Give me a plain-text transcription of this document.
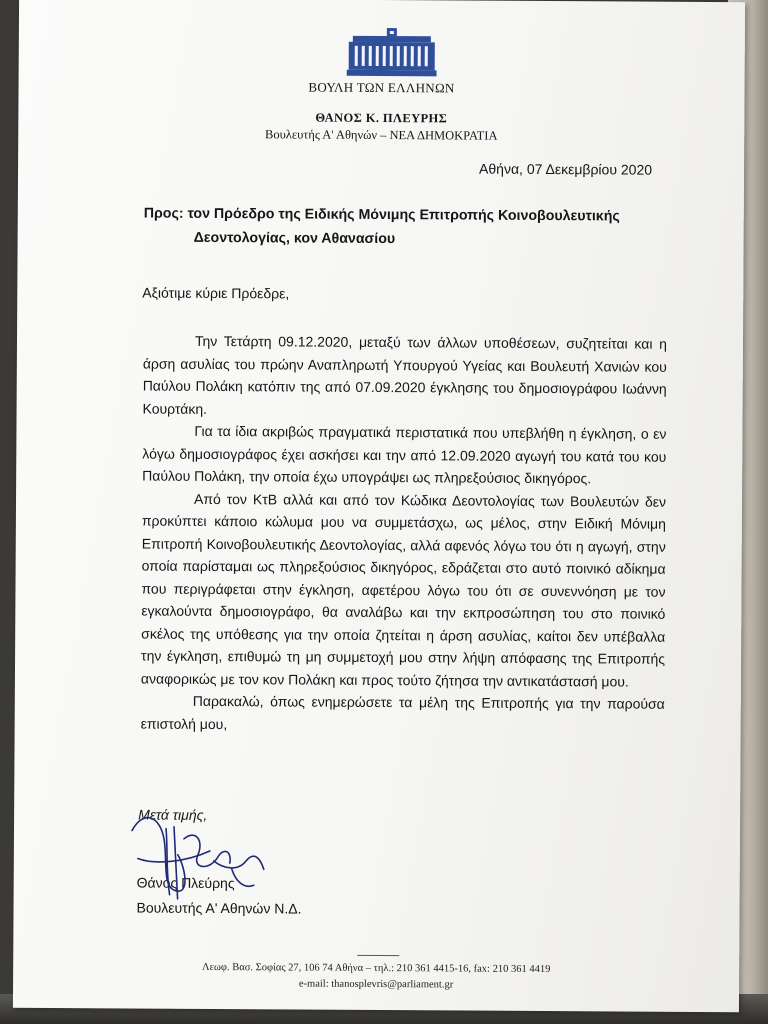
ΒΟΥΛΗ ΤΩΝ ΕΛΛΗΝΩΝ
ΘΑΝΟΣ Κ. ΠΛΕΥΡΗΣ
Βουλευτής Α' Αθηνών – ΝΕΑ ΔΗΜΟΚΡΑΤΙΑ
Αθήνα, 07 Δεκεμβρίου 2020
Προς: τον Πρόεδρο της Ειδικής Μόνιμης Επιτροπής Κοινοβουλευτικής
Δεοντολογίας, κον Αθανασίου
Αξιότιμε κύριε Πρόεδρε,

Την Τετάρτη 09.12.2020, μεταξύ των άλλων υποθέσεων, συζητείται και η άρση ασυλίας του πρώην Αναπληρωτή Υπουργού Υγείας και Βουλευτή Χανιών κου Παύλου Πολάκη κατόπιν της από 07.09.2020 έγκλησης του δημοσιογράφου Ιωάννη Κουρτάκη.

Για τα ίδια ακριβώς πραγματικά περιστατικά που υπεβλήθη η έγκληση, ο εν λόγω δημοσιογράφος έχει ασκήσει και την από 12.09.2020 αγωγή του κατά του κου Παύλου Πολάκη, την οποία έχω υπογράψει ως πληρεξούσιος δικηγόρος.

Από τον ΚτΒ αλλά και από τον Κώδικα Δεοντολογίας των Βουλευτών δεν προκύπτει κάποιο κώλυμα μου να συμμετάσχω, ως μέλος, στην Ειδική Μόνιμη Επιτροπή Κοινοβουλευτικής Δεοντολογίας, αλλά αφενός λόγω του ότι η αγωγή, στην οποία παρίσταμαι ως πληρεξούσιος δικηγόρος, εδράζεται στο αυτό ποινικό αδίκημα που περιγράφεται στην έγκληση, αφετέρου λόγω του ότι σε συνεννόηση με τον εγκαλούντα δημοσιογράφο, θα αναλάβω και την εκπροσώπηση του στο ποινικό σκέλος της υπόθεσης για την οποία ζητείται η άρση ασυλίας, καίτοι δεν υπέβαλλα την έγκληση, επιθυμώ τη μη συμμετοχή μου στην λήψη απόφασης της Επιτροπής αναφορικώς με τον κον Πολάκη και προς τούτο ζήτησα την αντικατάστασή μου.

Παρακαλώ, όπως ενημερώσετε τα μέλη της Επιτροπής για την παρούσα επιστολή μου,

Μετά τιμής,
Θάνος Πλεύρης
Βουλευτής Α' Αθηνών Ν.Δ.
Λεωφ. Βασ. Σοφίας 27, 106 74 Αθήνα – τηλ.: 210 361 4415-16, fax: 210 361 4419
e-mail: thanosplevris@parliament.gr
